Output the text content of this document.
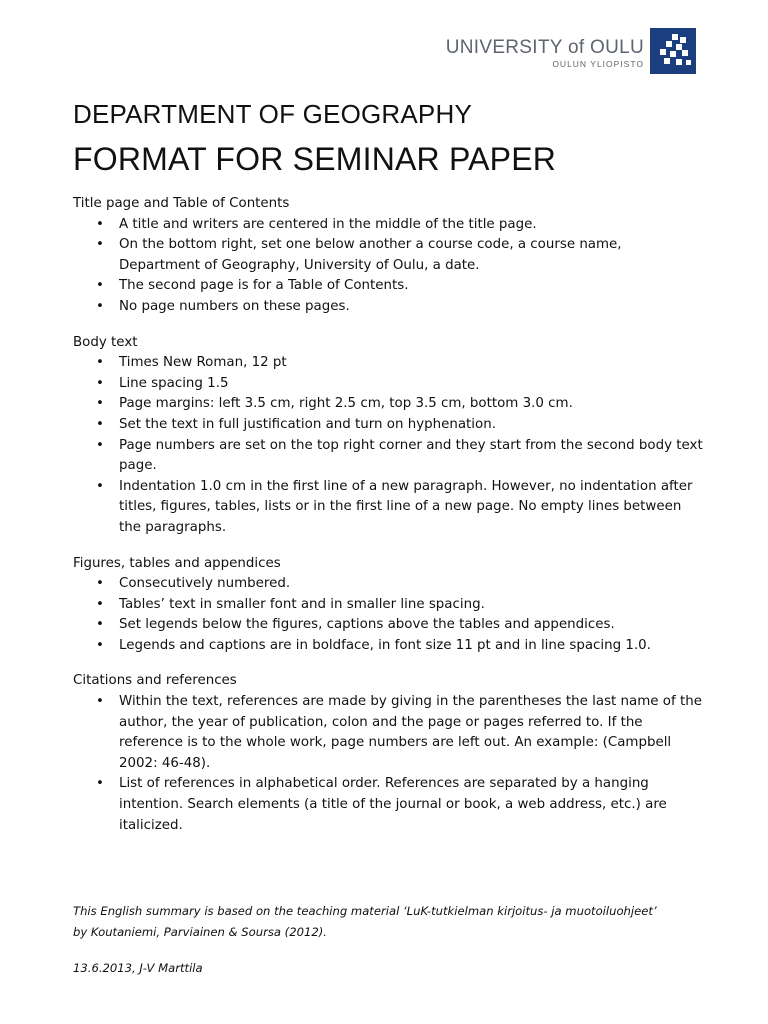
UNIVERSITY of OULU
OULUN YLIOPISTO
DEPARTMENT OF GEOGRAPHY
FORMAT FOR SEMINAR PAPER
Title page and Table of Contents
• A title and writers are centered in the middle of the title page.
• On the bottom right, set one below another a course code, a course name, Department of Geography, University of Oulu, a date.
• The second page is for a Table of Contents.
• No page numbers on these pages.
Body text
• Times New Roman, 12 pt
• Line spacing 1.5
• Page margins: left 3.5 cm, right 2.5 cm, top 3.5 cm, bottom 3.0 cm.
• Set the text in full justification and turn on hyphenation.
• Page numbers are set on the top right corner and they start from the second body text page.
• Indentation 1.0 cm in the first line of a new paragraph. However, no indentation after titles, figures, tables, lists or in the first line of a new page. No empty lines between the paragraphs.
Figures, tables and appendices
• Consecutively numbered.
• Tables’ text in smaller font and in smaller line spacing.
• Set legends below the figures, captions above the tables and appendices.
• Legends and captions are in boldface, in font size 11 pt and in line spacing 1.0.
Citations and references
• Within the text, references are made by giving in the parentheses the last name of the author, the year of publication, colon and the page or pages referred to. If the reference is to the whole work, page numbers are left out. An example: (Campbell 2002: 46-48).
• List of references in alphabetical order. References are separated by a hanging intention. Search elements (a title of the journal or book, a web address, etc.) are italicized.
This English summary is based on the teaching material ‘LuK-tutkielman kirjoitus- ja muotoiluohjeet’ by Koutaniemi, Parviainen & Soursa (2012).
13.6.2013, J-V Marttila
